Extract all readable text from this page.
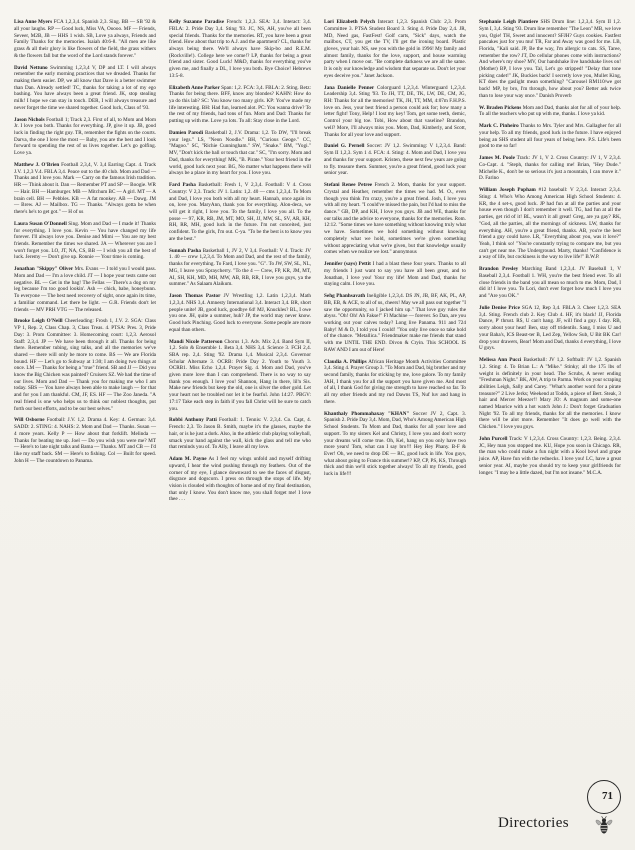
Lisa Anne Myers FCA 1,2,3,4. Spanish 2,3. Sing. BB — SB '92 & all your laughs. RP — Good luck, Miss VA, Ooooo. MF — Friends, Seveer, M2B, JB — HHS 1 wish. SB, Love ya always, Friends and Family Thanks for the memories. Isaiah 40:6-8. "All men are like grass & all their glory is like flowers of the field, the grass withers & the flowers fall but the word of the Lord stands forever."

David Nettuno Swimming 1,2,3,4 V, DP and LT. I will always remember the early morning practices that we dreaded. Thanks for making them easier. DP, we all know that Dave is a better swimmer than Dan. Already settled! TC, thanks for taking a lot of my ego bashing. You have always been a great friend. JK, stop stealing milk! I hope we can stay in touch. DER, I will always treasure and never forget the time we shared together. Good luck, Class of '93.

Jason Nichols Football 1; Track 2,3. First of all, to Mom and Mom Jr. I love you both. Thanks for everything. JP, give it up. JB, good luck in finding the right guy. TR, remember the fights on the courts. Darva, the one I love the most — Baby, you are the best and I look forward to spending the rest of us lives together. Let's go golfing. Love ya.

Matthew J. O'Brien Football 2,3,4, V. 3,4 Earring Capt. 4. Track J.V. 1,2,3 V.4. FBLA 3,4. Peace out to the 40 club. Mom and Dad — Thanks and I love you. Mark — Carry on the famous Irish tradition. HR — Think about it. Dan — Remember PT and SP — Boogie. WR — Hair. BH — Hamburger. MB — Mitchum BC — A girl. MT — A brain cell. BH — Pebbles. KB — A fat monkey. AB — Dawg. JM — Brew. AJ — Mailbox. TG — Thanks. "Always gotta be when there's he's to get got." — H of us

Laura Susan O'Donnell Sing. Mom and Dad — I made it! Thanks for everything. I love you. Kevin — You have changed my life forever. I'll always love you. Denise and Mimi — You are my best friends. Remember the times we shared. JA — Wherever you are I won't forget you. LO, JT, NA, CS, BB — I wish you all the best of luck. Jeremy — Don't give up. Ronnie — Your time is coming.

Jonathan "Skippy" Oliver Mrs. Evans — I told you I would pass. Mom and Dad — I'm a love child. JT — I hope your tests came out negative. BL — Get in the bag! The Fellas — There's a dog on my leg because I'm too good lookin'. Ash — chick, babe, honeybunn. To everyone — The best need recovery of sight, once again its time, a familiar command. Let there be light. — G.R. Friends don't let friends — MV PRH VTG — The released.

Brooke Leigh O'Neill Cheerleading: Frosh 1, J.V. 2. SGA: Class VP 1, Rep. 2, Class Chap. 3, Class Treas. 4. PTSA: Pres. 3, Pride Day: 3. Prom Committee: 3. Homecoming court: 1,2,3. Aerosol Staff: 2,3,4. JP — We have been through it all. Thanks for being there. Remember tubing, sing talks, and all the memories we've shared — there will only be more to come. BS — We are Florida bound. HF — Let's go to Subway at 1:30; I am doing two things at once. LM — Thanks for being a "true" friend. SB and JJ — Did you know the Big Chicken was painted? Cruisers SZ. We had the time of our lives. Mom and Dad — Thank you for making me who I am today. SBS — You have always been able to make laugh — for that and for you I am thankful. CM, JF, ES. HF — The Zoo Janeda. "A real friend is one who helps us to think our noblest thoughts, put forth our best efforts, and to be our best selves."

Will Osborne Football: J.V. 1,2. Drama 4. Key: 4. German: 3,4. SADD: 2. STING: 4. NAHS: 2. Mom and Dad — Thanks. Susan — 4 more years. Kelly P — How about that forklift. Melinda — Thanks for beating me up. Joel — Do you wish you were me? MT — Here's to late night talks and Bama — Thanks. MT and CB — I'd like my staff back. SM — Here's to fishing. Col — Built for speed. John H — The countdown to Panama.

Kelly Suzanne Paradise French: 1,2,3. SEA: 3,4. Interact: 3,4. FBLA: 2. Pride Day 3,4. Sting '93. JC, NS, AH, you've all been special friends. Thanks for the memories. RT, you have been a great friend. How about that trip to A.J. and the apartment? CL, thanks for always being there. We'll always have Skip-bo and R.E.M. (Rockville!). College here we come!? LP, thanks for being a great friend and sister. Good Luck! M&D, thanks for everything you've given me, and finally a DL, I love you both. Bye Choice! Hebrews 13:5-8.

Elizabeth Anne Parker Span: 1,2. FCA: 3,4. FBLA: 2. Sting. Betz: Thanks for being there. BFF, know any blondes? KAHN: How do ya do this lab? SC: You know too many girls. KP: You've made my life interesting. BH: Had fun, learned alot. PC: You wanna drive? To the rest of my friends, had tons of fun. Mom and Dad: Thanks for putting up with me. Love ya lots. To all: Stay close in the Lord.

Damien Parodi Basketball 2, J.V. Drama: 1,2. To DW, "I'll break your legs." LS, "Neon Noodle." BH, "Curious Geoge." CC, "Magoo." SC, "Richie Cunningham." SW, "Snake." BM, "Yogi." MV, "Don't kick the ball or touch that car." SC, "I'm sorry. Mom and Dad, thanks for everything! MK, "B. Pirate." Your best friend in the world, good luck next year. BG, No matter what happens there will always be a place in my heart for you. I love you.

Fard Pasha Basketball: Fresh 1, V 2,3,4. Football: V 4. Cross Country: V 2,3. Track: JV 1. Latin: 1,2. 40 — cms 1,2,3,4. To Mom and Dad, I love you both with all my heart. Hannah, once again its on, love you. MaryAnn, thank you for everything. Alon-deca, we will get it right, I love you. To the family, I love you all. To the posse — 97, KR, RB, JM, MT, MO, SH, JJ, MW, SL, SV, AR, KH, RH, RR, MH, good luck in the future. I'm not conceited, just confident. To the girls, I'm out. C-ya. "To be the best is to know you are the best."

Sunnah Pasha Basketball 1, JV 2, V 3,4. Football: V 4. Track: JV 1. 40 — crew 1,2,3,4. To Mom and Dad, and the rest of the family, thanks for everything. To Fard, I love you. "G". To JW, SW, SL, NL, MG, I leave you Spraycherry. "To the 4 — Crew, FP, KR, JM, MT, AI, SH, KH, MD, MH, MW, AB, RB, RR, I love you guys, ya the summer." As Salaam Alaikum.

Jason Thomas Pastor JV Wrestling 1,2. Latin 1,2,3,4. Math 1,2,3,4. NHS 3,4. Amnesty International 3,4. Interact 3,4. BR, short people unite! JB, good luck, goodbye 64! MJ, Knuckles? BL, I owe you one. JH, quite a summer, huh? JP, the world may never know. Good luck Pinching. Good luck to everyone. Some people are more equal than others.

Mandi Nicole Patterson Chorus 1,3. Adv. Mix 2,4. Band Sym II, 1,2. Solo & Ensemble 1. Beta 3,4. NHS 3,4. Science 3. FCH 2,4. SBA rep. 2,4. Sting '92. Drama 1,4. Musical 2,3,4. Governor Scholar Alternate 3. OCRB: Pride Day 2. Youth to Youth 3. OCRB1. Miss Echo 1,2,4. Prayer Sig. 4. Mom and Dad, you've given more love than I can comprehend. There is no way to say thank you enough. I love you! Shannon, Hang in there, lil'n Sis. Make new friends but keep the old, one is silver the other gold. Let your heart not be troubled nor let it be fearful. John 14:27. PBGV: 17:17 Take each step in faith if you fall Christ will be sure to catch you.

Robbi Anthony Patti Football: 1. Tennis: V. 2,3,4. Co. Capt, 4. French: 2,3. To Jason B. Smith, maybe it's the glasses, maybe the hair, or is he just a dork. Also, in the athletic club playing volleyball, smack your hand against the wall, kick the glass and tell me who that reminds you of. To Ally, I leave all my love.

Adam M. Payne As I feel my wings unfold and myself drifting upward, I hear the wind pushing through my feathers. Out of the corner of my eye, I glance downward to see the faces of disgust, disgrace and dogscorn. I press on through the stops of life. My vision is clouded with thoughts of home and of my final destination, that only I know. You don't know me, you shall forget me! I love thee . . .

Lori Elizabeth Pelych Interact 1,2,3. Spanish Club: 2,3. Prom Committee 3. PTSA Student Board 3. Sting 4. Pride Day 2,4. JR, MD, Need gas, FastFest! Golf carts, "Sick" days, watch the mailbox, CT, you get the TV, I'll get the ironing board. Plastic gloves, your hair. NS, see you with the gold in 1996! My family and almost family, thanks for the love, support, and house warming party when I move out. "Be complete darkness we are all the same. It is only our knowledge and wisdom that separate us. Don't let your eyes deceive you." Janet Jackson.

Jana Danielle Penner Colorguard 1,2,3,4. Winterguard 1,2,3,4. Leadership 3,4. Sting '93. To JH, TT, DE, TK, LW, DE, CM, JG, RH: Thanks for all the memories! TK, JH, TT, MM, 4:07m F.H.P.S. love on. Jess, your best friend a person could ask for; how many a letter fight! Tony, Help! I lost my key! Tom, get some teeth, demic, Control your big toe. Tobi, How about that vaseline? Brandon, well? More, I'll always miss you. Mom, Dad, Kimberly, and Scott, Thanks for all your love and support.

Daniel G. Pernell Soccer: JV 1,2. Swimming: V 1,2,3,4. Band: Sym II 1,2,3. Sym 1 4. FCA: 4. Sting: 4. Mom and Dad, I love you and thanks for your support. Kristen, these next few years are going to fly. treasure them. Summer, you're a great friend, good luck your senior year.

Stefani Renee Petree French 2. Mom, thanks for your support. Crystal and Heather, remember the times we had. M. O., even though you think I'm crazy, you're a great friend. Josh, I love you with all my heart. "I could've missed the pain, but I'd had to miss the dance." GB, DP, and KH, I love you guys. JB and WE, thanks for our talks and the advice to everyone, thanks for the memories. Rom. 12:12. "Some times we have something without knowing truly what we have. Sometimes we hold something without knowing completely what we hold, sometimes we're given something without appreciating what we're given, but that knowledge usually comes when we realize we lost." anonymous

Jennifer (says) Pettit I had a blast these four years. Thanks to all my friends I just want to say you have all been great, and to Jonathan, I love you! Your my life! Mom and Dad, thanks for staying calm. I love you.

Sehg Phanhsavath Ineligible 1,2,3,4. DS JN, JB, BF, AK, PL, AP, BB, EB, & ACE, to all of us, cheers! May we all pass out together "I saw the opportunity, so I jacked him up." That love guy rules the abyss. "Oh! Oh! Ah Fakse!" Fl Machine — forever. So Dan, are you working out your calves today? Long live Panama. 911 and 724 Baby! M & D, I told you I could! "You only live once so take hold of the chance. "Metallica." Friendmaker make me friends that stand with me UNTIL THE END. Divon & Cryin. This SCHOOL IS RAW AND I am out of Here!

Claudia A. Phillips African Heritage Month Activities Committee 3,4. Sting 4. Prayer Group 3. "To Mom and Dad, big brother and my second family, thanks for sticking by me, love galore. To my family JAH, I thank you for all the support you have given me. And most of all, I thank God for giving me strength to have reached so far. To all my other friends and my rud Dawns TS, Nuf luv and hang in there.

Khanthaly Phommahaxay "KHAN" Soccer JV 2, Capt. 3. Spanish 2. Pride Day 3,4. Mom, Dad, Who's Among American High School Students. To Mom and Dad, thanks for all your love and support. To my sisters Kel and Christy, I love you and don't worry your dreams will come true. Oh, Kel, hang on you only have two more years! Tom, what can I say bro!!! Hey Hey Phany. B-F & Ever! Oh, we need to drop DE — RC, good luck in life. You guys, what about going to France this summer!? KP, CP, PS, KS, Through thick and thin we'll stick together always! To all my friends, good luck in life!!!

Stephanie Leigh Piantiere SHS Drum line: 1,2,3,4. Sym II 1,2. Sym I, 3,4. Sting '93. Drum line remember "The Leon" MB, we love you, Ogie! TH, Sweet and innocent? SFJH? Guys cookies. Fastfest pancakes just for you mu! TR, Far and Away was good for me. LB, Florida, "Kali said. JP, Be the way, I'm allergic to cats. SS, Taree, remember the row? JT, Do cellular phones come with instructions? And where's my shoe? MV, Our handshake live handshake lives on! (Mother) BP, I love you. Tal, Let's go stripped! "Delay that tone picking cadet!" JK, Buckies back! I secretly love you, Mullet King, KT does the gaslight mean something? "Carousel RM110/we got back! MP, by bro, I'm through, how about you? Better ask twice than to lose your way once." Danish Proverb

W. Braden Pickens Mom and Dad, thanks alot for all of your help. To all the teachers who put up with me, thanks. I love ya kid.

Mark C. Pinheiro Thanks to Mrs. Tyler and Mrs. Gallagher for all your help. To all my friends, good luck in the future. I have enjoyed being an SHS student all four years of being here. P.S. Life's been good to me so far!

James M. Poole Track: JV 1, V 2. Cross Country: JV 1, V 2,3,4. Co-Capt. 4. "Steph, thanks for calling me! Brian, "Hey Dude." Michelle K., don't be so serious it's just a mountain, I can move it." D. Farino

William Joseph Popham #12 baseball: V 2,3,4. Interact 2,3,4. Sting: 4. Who's Who Among American High School Students: 4. KR, the 4 set-s, good luck. JP had fun at all the parties and your house even though I don't remember it well. TG, had fun at all the parties, get rid of it! BL, wasn't it all great! Greg, are ya gay? RK, "God, all the parties, all the mornings of sickness. LW, thanks for everything. AH, you're a great friend, thanks. AB, you're the best friend a guy could have. LR, "Everything about you, was it love?" Yeah, I think so! "You're constantly trying to compare me, but you can't get near me. The Underground. Marty, thanks! "Confidence is a way of life, but cockiness is the way to live life!" B.W.P.

Brandon Presley Marching Band 1,2,3,4. JV Baseball 1, V Baseball 2,3,4. Football 1. WH, you're the best friend ever. To all close friends in the band you all mean so much to me. Mom, Dad, I did it! I love you. To Lori, don't ever forget how much I love you and "Are you OK."

Julie Denise Price SGA 12, Rep 3,4. FBLA 3. Cheer 1,2,3. SEA 3,4. Sting. French club 2. Key Club 4. HF, it's black! JJ, Florida Dance, P' thrust. RS, U can't hang. JF, will find a guy. I day. RB, sorry about your heat! Ben, stay off tridentils. Sang, I miss U and your Baha's, ICS Beast-ter B, Led Zep, Yellow Sub, U Bit BK Car! drop your drawers, Bear! Mom and Dad, thanks 4 everything, I love U guys.

Melissa Ann Pucci Basketball: JV 1,2. Softball: JV 1,2. Spanish 1,2. Sting: 4. To Brian L.: A "Mike." Stinky; all the 175 lbs of weight is definitely in your head. The Scrubs, A never ending "Freshman Night." BK, AW, A trip to Parma. Work on your scraping abilities Leigh, Sally and Carey. "What's another word for a pirate treasure?" 2 Live Jerks; Weekend at Todds, a piece of Bert. Steak, 3 hair and Mercer Meezer!! Mary JO: A magnum and some-one named Maurice with a hot watch John J.: Don't forget Graduation Night '92. To all my friends, thanks for all the memories. I know there will be alot more. Remember "It does go well with the Chicken." I love you guys.

John Purcell Track: V 1,2,3,4. Cross Country: 1,2,3. Being. 2,3,4. JC, Hey man you stopped me. KU, Hope you soon in Chicago. RR, the man who could make a fun night with a Kool bowl and grape juice. AP, Have fun with the rednecks. I love you! LC, have a great senior year. AI, maybe you should try to keep your girlfriends for longer. "I may be a little dazed, but I'm not insane." M.C.A.

71
Directories
